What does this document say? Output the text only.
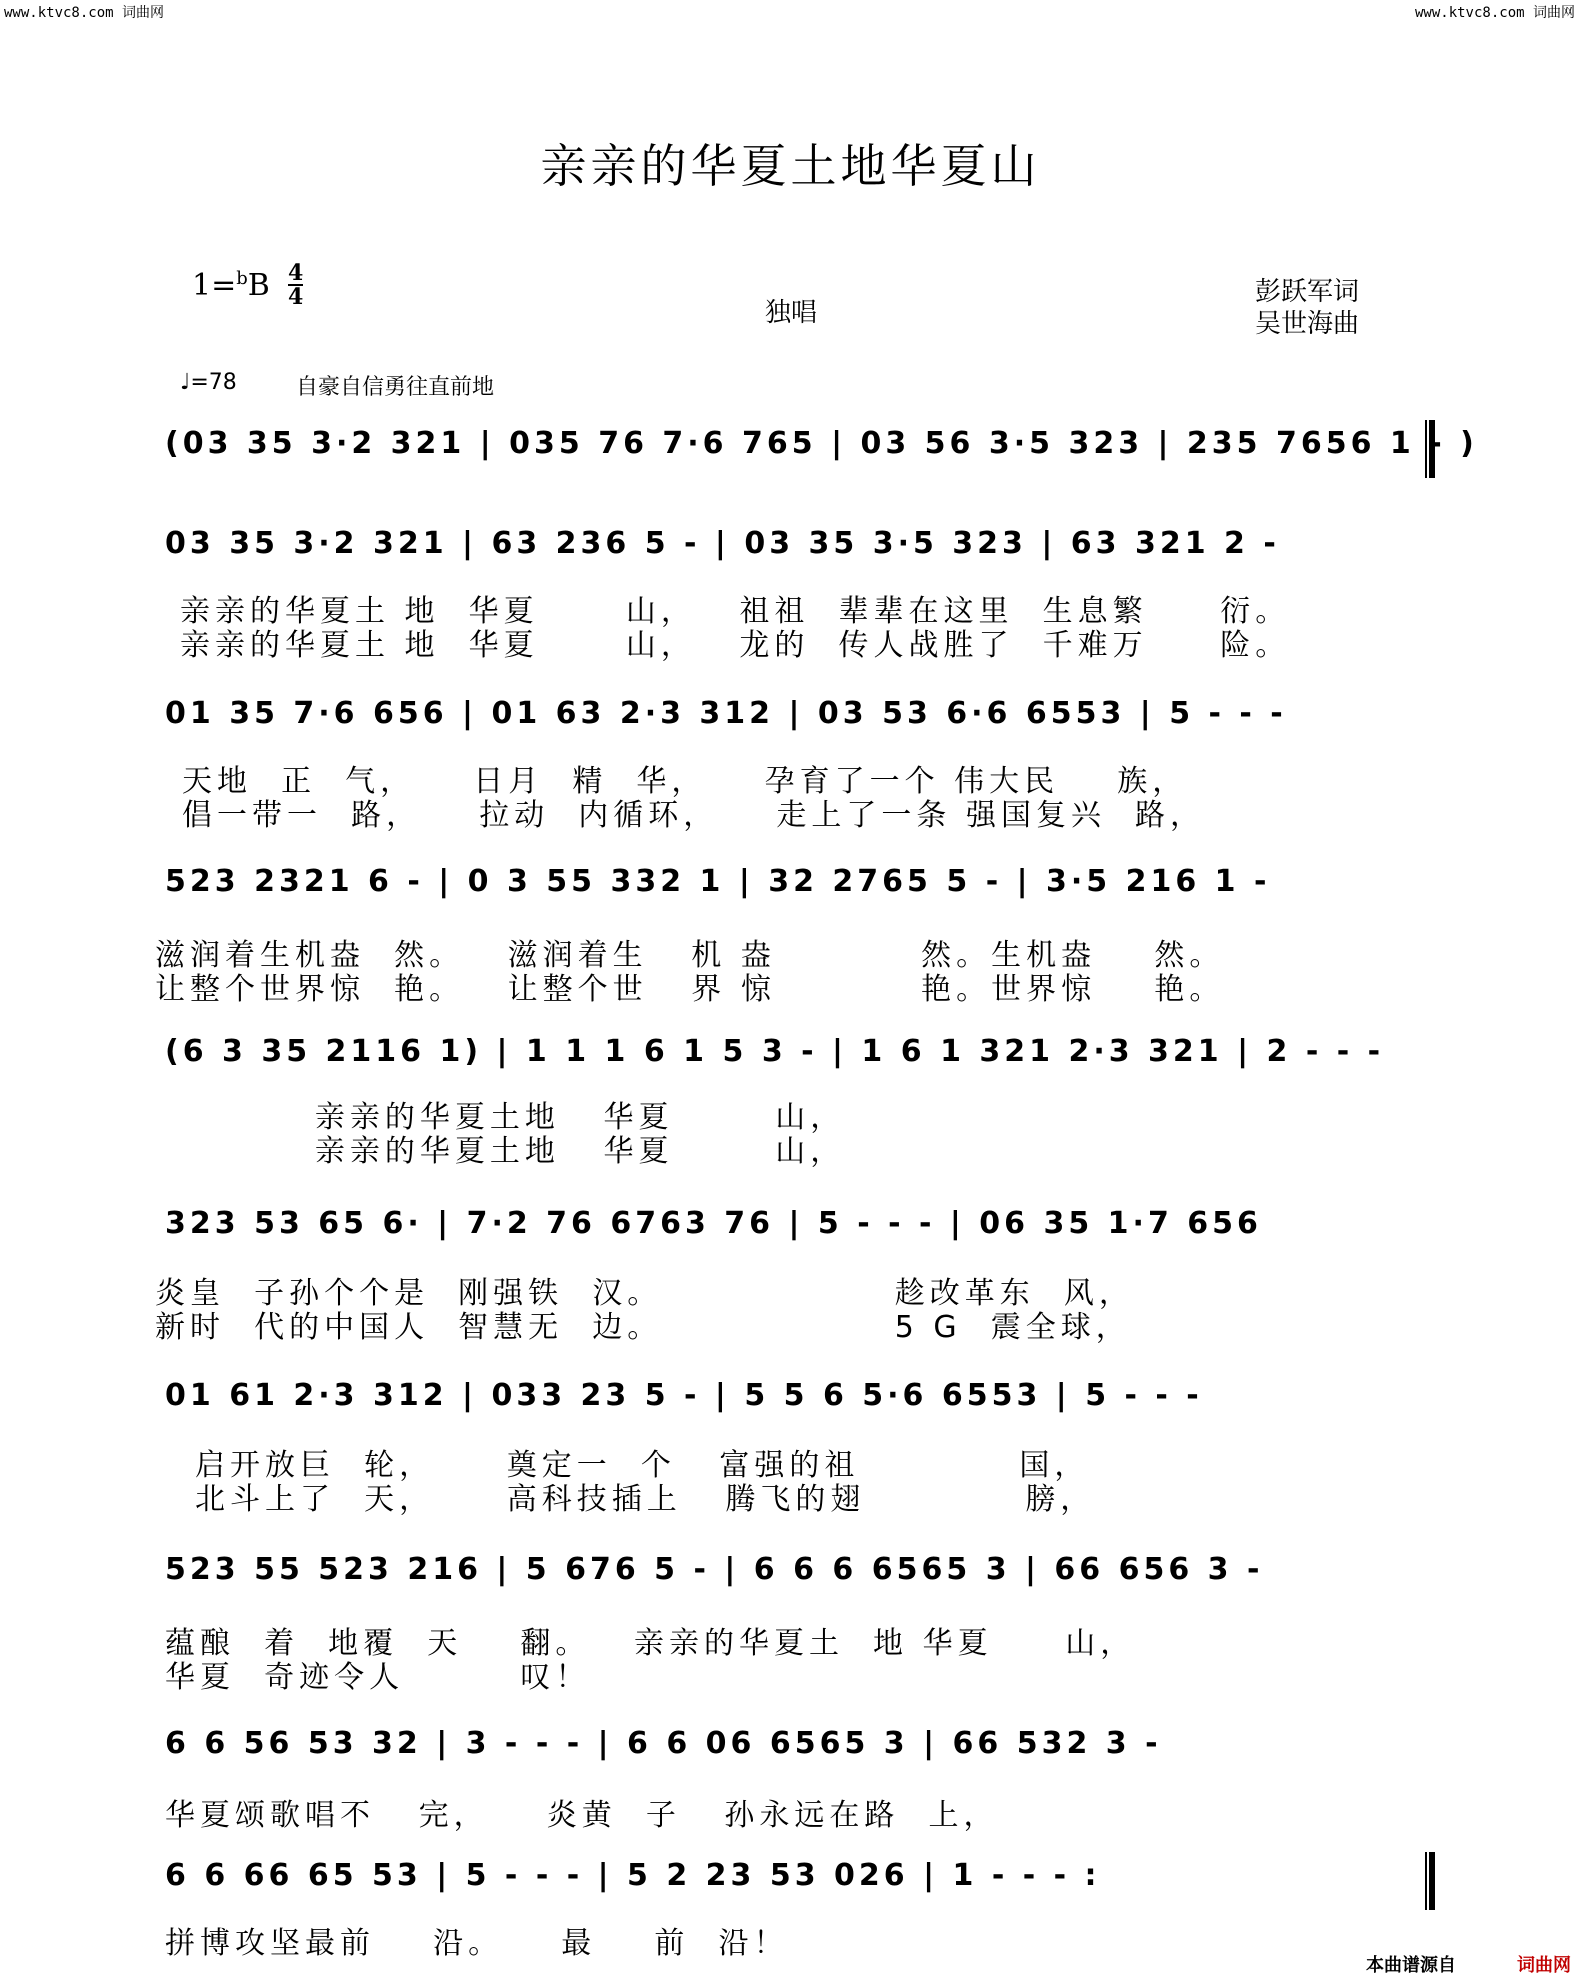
www.ktvc8.com 词曲网	www.ktvc8.com 词曲网
亲亲的华夏土地华夏山
1=$^b$B 4
4
独唱
彭跃军词
吴世海曲
♩=78	自豪自信勇往直前地
(03 35 3·2 321 | 035 76 7·6 765 | 03 56 3·5 323 | 235 7656 1 - )
03 35 3·2 321 | 63 236 5 - | 03 35 3·5 323 | 63 321 2 -
亲亲的华夏土 地  华夏      山，   祖祖  辈辈在这里  生息繁     衍。
亲亲的华夏土 地  华夏      山，   龙的  传人战胜了  千难万     险。
01 35 7·6 656 | 01 63 2·3 312 | 03 53 6·6 6553 | 5 - - -
天地  正  气，    日月  精  华，    孕育了一个 伟大民    族，
倡一带一  路，    拉动  内循环，    走上了一条 强国复兴  路，
523 2321 6 - | 0 3 55 332 1 | 32 2765 5 - | 3·5 216 1 -
滋润着生机盎  然。   滋润着生   机 盎          然。生机盎    然。
让整个世界惊  艳。   让整个世   界 惊          艳。世界惊    艳。
(6 3 35 2116 1) | 1 1 1 6 1 5 3 - | 1 6 1 321 2·3 321 | 2 - - -
亲亲的华夏土地   华夏       山，
亲亲的华夏土地   华夏       山，
323 53 65 6· | 7·2 76 6763 76 | 5 - - - | 06 35 1·7 656
炎皇  子孙个个是  刚强铁  汉。                趁改革东  风，
新时  代的中国人  智慧无  边。                5 G  震全球，
01 61 2·3 312 | 033 23 5 - | 5 5 6 5·6 6553 | 5 - - -
启开放巨  轮，     奠定一  个   富强的祖           国，
北斗上了  天，     高科技插上   腾飞的翅           膀，
523 55 523 216 | 5 676 5 - | 6 6 6 6565 3 | 66 656 3 -
蕴酿  着  地覆  天    翻。   亲亲的华夏土  地 华夏     山，
华夏  奇迹令人        叹！
6 6 56 53 32 | 3 - - - | 6 6 06 6565 3 | 66 532 3 -
华夏颂歌唱不   完，    炎黄  子   孙永远在路  上，
6 6 66 65 53 | 5 - - - | 5 2 23 53 026 | 1 - - - :
拼博攻坚最前    沿。    最    前  沿！
本曲谱源自	词曲网
